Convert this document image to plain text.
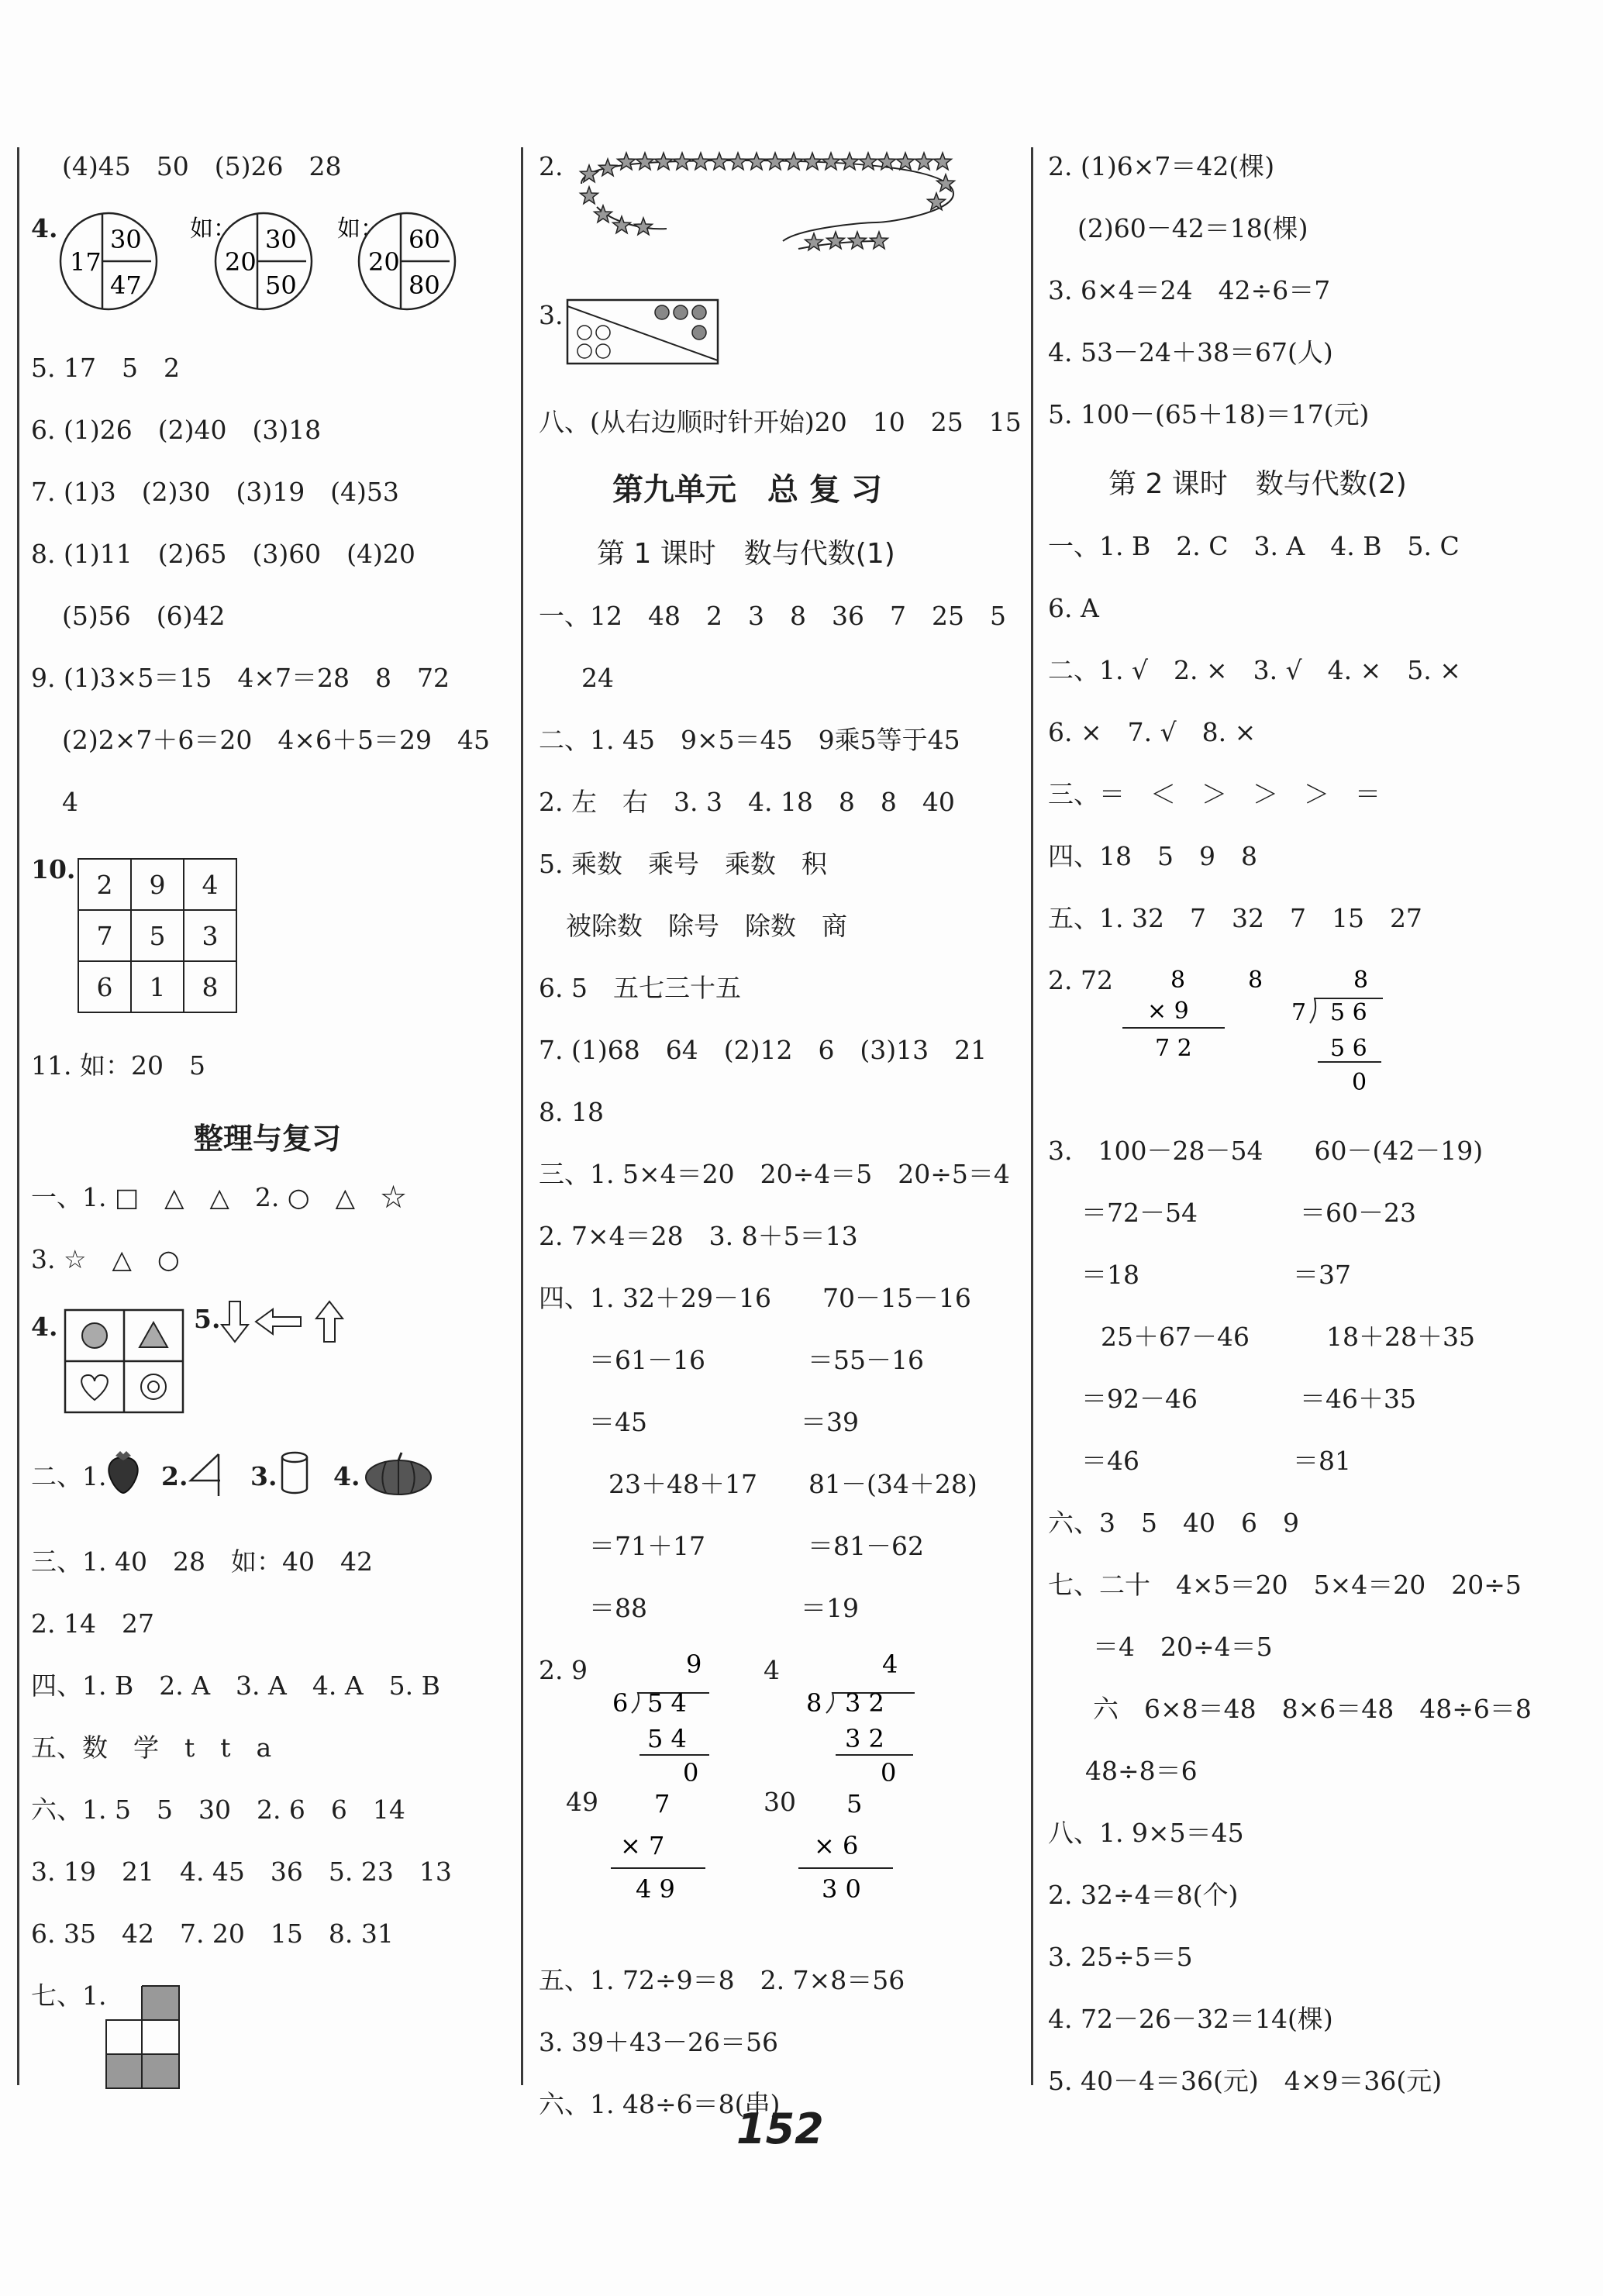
4.
17
30
47
如：
20
30
50
如：
20
60
80
10. 2	9	4
7	5	3
6	1	8
整理与复习
4.	5.
2. 3. 4.
第九单元　总 复 习
第 1 课时　数与代数(1)
9
6 5 4
5 4
0
4	4
8 3 2
3 2
0
49 7
× 7
4 9
30 5
× 6
3 0
第 2 课时　数与代数(2)
8
8
× 9
7 2
8
7 5 6
5 6
0
152
(4)45　50　(5)26　28
5. 17　5　2
6. (1)26　(2)40　(3)18
7. (1)3　(2)30　(3)19　(4)53
8. (1)11　(2)65　(3)60　(4)20
(5)56　(6)42
9. (1)3×5＝15　4×7＝28　8　72
(2)2×7＋6＝20　4×6＋5＝29　45
4
11. 如：20　5
一、1. □　△　△　2. ○　△　☆
3. ☆　△　○
二、1.
三、1. 40　28　如：40　42
2. 14　27
四、1. B　2. A　3. A　4. A　5. B
五、数　学　t　t　a
六、1. 5　5　30　2. 6　6　14
3. 19　21　4. 45　36　5. 23　13
6. 35　42　7. 20　15　8. 31
七、1.
2.
3.
八、(从右边顺时针开始)20　10　25　15
一、12　48　2　3　8　36　7　25　5
24
二、1. 45　9×5＝45　9乘5等于45
2. 左　右　3. 3　4. 18　8　8　40
5. 乘数　乘号　乘数　积
被除数　除号　除数　商
6. 5　五七三十五
7. (1)68　64　(2)12　6　(3)13　21
8. 18
三、1. 5×4＝20　20÷4＝5　20÷5＝4
2. 7×4＝28　3. 8＋5＝13
四、1. 32＋29－16　　70－15－16
＝61－16　　　　＝55－16
＝45　　　　　　＝39
23＋48＋17　　81－(34＋28)
＝71＋17　　　　＝81－62
＝88　　　　　　＝19
2. 9
五、1. 72÷9＝8　2. 7×8＝56
3. 39＋43－26＝56
六、1. 48÷6＝8(串)
2. (1)6×7＝42(棵)
(2)60－42＝18(棵)
3. 6×4＝24　42÷6＝7
4. 53－24＋38＝67(人)
5. 100－(65＋18)＝17(元)
一、1. B　2. C　3. A　4. B　5. C
6. A
二、1. √　2. ×　3. √　4. ×　5. ×
6. ×　7. √　8. ×
三、＝　＜　＞　＞　＞　＝
四、18　5　9　8
五、1. 32　7　32　7　15　27
2. 72
3.　100－28－54　　60－(42－19)
＝72－54　　　　＝60－23
＝18　　　　　　＝37
25＋67－46　　　18＋28＋35
＝92－46　　　　＝46＋35
＝46　　　　　　＝81
六、3　5　40　6　9
七、二十　4×5＝20　5×4＝20　20÷5
＝4　20÷4＝5
六　6×8＝48　8×6＝48　48÷6＝8
48÷8＝6
八、1. 9×5＝45
2. 32÷4＝8(个)
3. 25÷5＝5
4. 72－26－32＝14(棵)
5. 40－4＝36(元)　4×9＝36(元)
